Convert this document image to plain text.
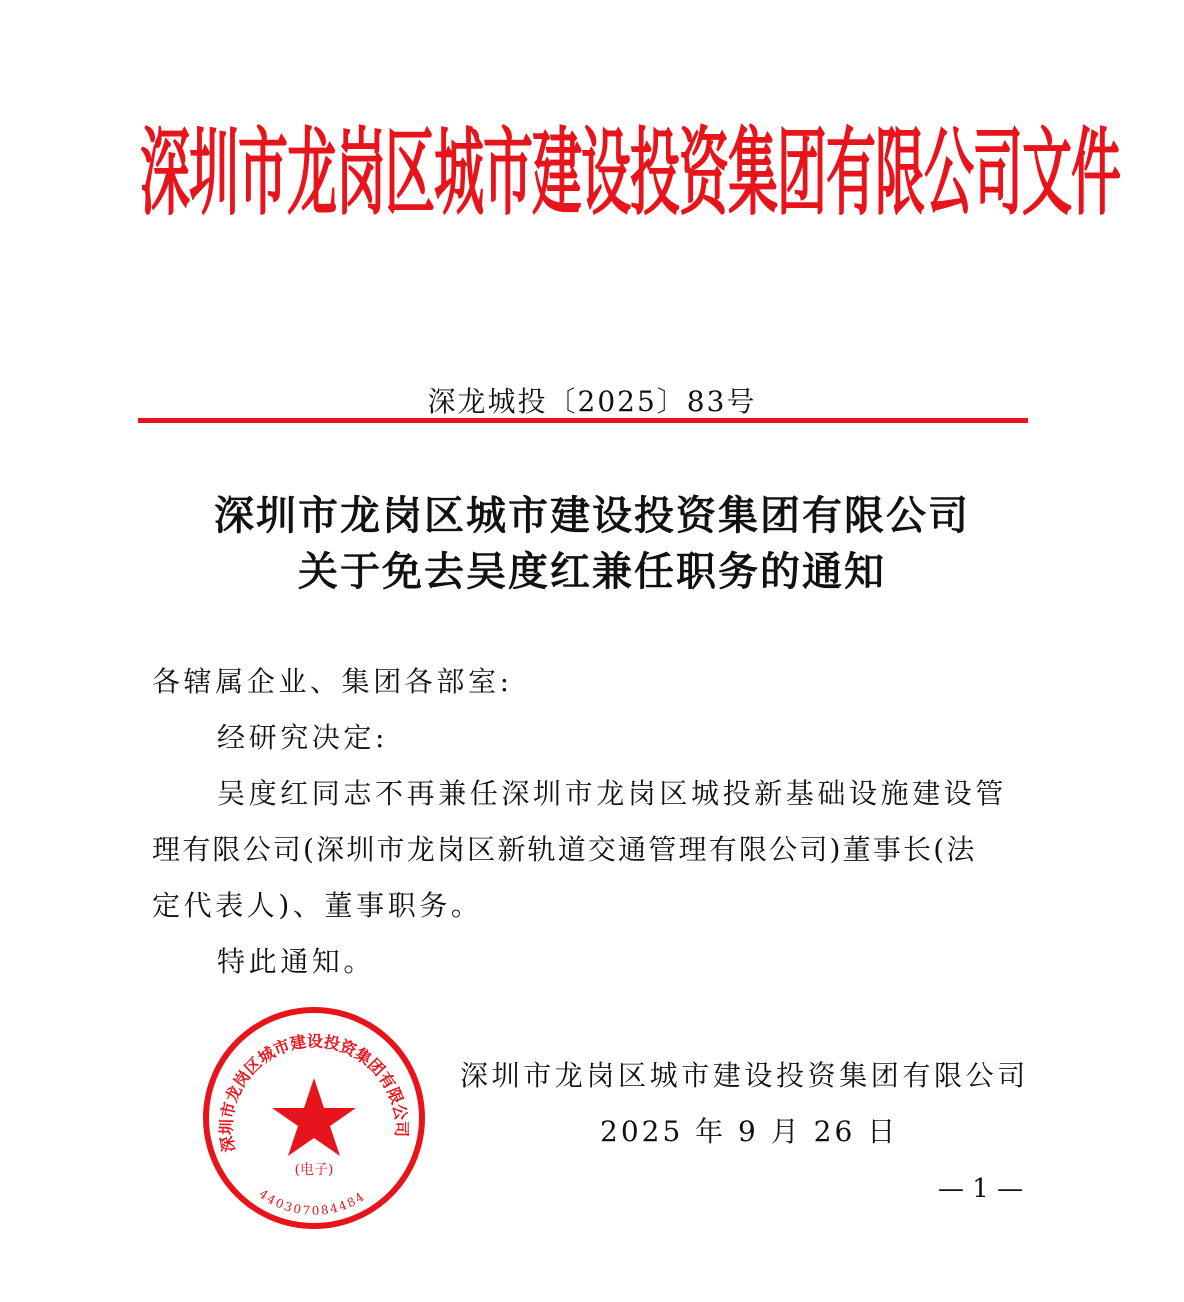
深圳市龙岗区城市建设投资集团有限公司文件
深龙城投〔2025〕83号
深圳市龙岗区城市建设投资集团有限公司
关于免去吴度红兼任职务的通知
各辖属企业、集团各部室:
经研究决定:
吴度红同志不再兼任深圳市龙岗区城投新基础设施建设管
理有限公司(深圳市龙岗区新轨道交通管理有限公司)董事长(法
定代表人)、董事职务。
特此通知。
深圳市龙岗区城市建设投资集团有限公司
(电子)
440307084484
深圳市龙岗区城市建设投资集团有限公司
2025 年 9 月 26 日
— 1 —
